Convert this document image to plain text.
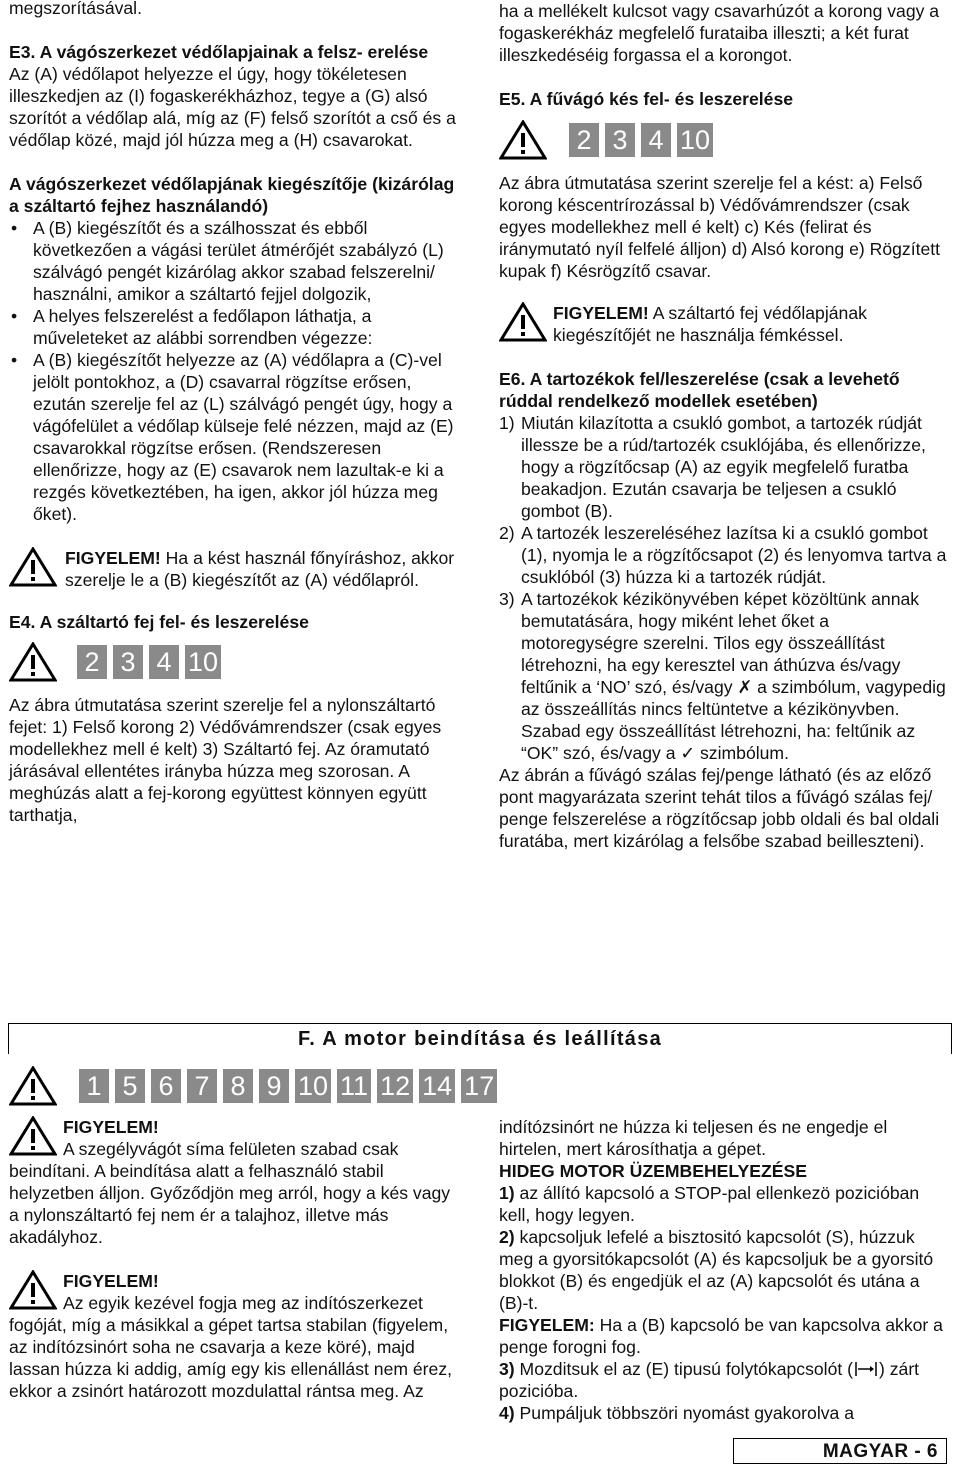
megszorításával.

E3. A vágószerkezet védőlapjainak a felsz- erelése

Az (A) védőlapot helyezze el úgy, hogy tökéletesen illeszkedjen az (I) fogaskerékházhoz, tegye a (G) alsó szorítót a védőlap alá, míg az (F) felső szorítót a cső és a védőlap közé, majd jól húzza meg a (H) csavarokat.

A vágószerkezet védőlapjának kiegészítője (kizárólag a száltartó fejhez használandó)

• A (B) kiegészítőt és a szálhosszat és ebből következően a vágási terület átmérőjét szabályzó (L) szálvágó pengét kizárólag akkor szabad felszerelni/ használni, amikor a száltartó fejjel dolgozik,
• A helyes felszerelést a fedőlapon láthatja, a műveleteket az alábbi sorrendben végezze:
• A (B) kiegészítőt helyezze az (A) védőlapra a (C)-vel jelölt pontokhoz, a (D) csavarral rögzítse erősen, ezután szerelje fel az (L) szálvágó pengét úgy, hogy a vágófelület a védőlap külseje felé nézzen, majd az (E) csavarokkal rögzítse erősen. (Rendszeresen ellenőrizze, hogy az (E) csavarok nem lazultak-e ki a rezgés következtében, ha igen, akkor jól húzza meg őket).

FIGYELEM! Ha a kést használ főnyíráshoz, akkor szerelje le a (B) kiegészítőt az (A) védőlapról.

E4. A száltartó fej fel- és leszerelése

2 3 4 10

Az ábra útmutatása szerint szerelje fel a nylonszáltartó fejet: 1) Felső korong 2) Védővámrendszer (csak egyes modellekhez mell é kelt) 3) Száltartó fej. Az óramutató járásával ellentétes irányba húzza meg szorosan. A meghúzás alatt a fej-korong együttest könnyen együtt tarthatja,

ha a mellékelt kulcsot vagy csavarhúzót a korong vagy a fogaskerékház megfelelő furataiba illeszti; a két furat illeszkedéséig forgassa el a korongot.

E5. A fűvágó kés fel- és leszerelése

2 3 4 10

Az ábra útmutatása szerint szerelje fel a kést: a) Felső korong késcentrírozással b) Védővámrendszer (csak egyes modellekhez mell é kelt) c) Kés (felirat és iránymutató nyíl felfelé álljon) d) Alsó korong e) Rögzített kupak f) Késrögzítő csavar.

FIGYELEM! A száltartó fej védőlapjának kiegészítőjét ne használja fémkéssel.

E6. A tartozékok fel/leszerelése (csak a levehető rúddal rendelkező modellek esetében)

1) Miután kilazította a csukló gombot, a tartozék rúdját illessze be a rúd/tartozék csuklójába, és ellenőrizze, hogy a rögzítőcsap (A) az egyik megfelelő furatba beakadjon. Ezután csavarja be teljesen a csukló gombot (B).
2) A tartozék leszereléséhez lazítsa ki a csukló gombot (1), nyomja le a rögzítőcsapot (2) és lenyomva tartva a csuklóból (3) húzza ki a tartozék rúdját.
3) A tartozékok kézikönyvében képet közöltünk annak bemutatására, hogy miként lehet őket a motoregységre szerelni. Tilos egy összeállítást létrehozni, ha egy keresztel van áthúzva és/vagy feltűnik a ‘NO’ szó, és/vagy ✗ a szimbólum, vagypedig az összeállítás nincs feltüntetve a kézikönyvben. Szabad egy összeállítást létrehozni, ha: feltűnik az “OK” szó, és/vagy a ✓ szimbólum.

Az ábrán a fűvágó szálas fej/penge látható (és az előző pont magyarázata szerint tehát tilos a fűvágó szálas fej/ penge felszerelése a rögzítőcsap jobb oldali és bal oldali furatába, mert kizárólag a felsőbe szabad beilleszteni).

F. A motor beindítása és leállítása
1 5 6 7 8 9 10 11 12 14 17

FIGYELEM!

A szegélyvágót síma felületen szabad csak beindítani. A beindítása alatt a felhasználó stabil helyzetben álljon. Győződjön meg arról, hogy a kés vagy a nylonszáltartó fej nem ér a talajhoz, illetve más akadályhoz.

FIGYELEM!

Az egyik kezével fogja meg az indítószerkezet fogóját, míg a másikkal a gépet tartsa stabilan (figyelem, az indítózsinórt soha ne csavarja a keze köré), majd lassan húzza ki addig, amíg egy kis ellenállást nem érez, ekkor a zsinórt határozott mozdulattal rántsa meg. Az

indítózsinórt ne húzza ki teljesen és ne engedje el hirtelen, mert károsíthatja a gépet.

HIDEG MOTOR ÜZEMBEHELYEZÉSE

1) az állító kapcsoló a STOP-pal ellenkezö pozicióban kell, hogy legyen.

2) kapcsoljuk lefelé a bisztositó kapcsolót (S), húzzuk meg a gyorsitókapcsolót (A) és kapcsoljuk be a gyorsitó blokkot (B) és engedjük el az (A) kapcsolót és utána a (B)-t.

FIGYELEM: Ha a (B) kapcsoló be van kapcsolva akkor a penge forogni fog.

3) Mozditsuk el az (E) tipusú folytókapcsolót ( ) zárt pozicióba.

4) Pumpáljuk többszöri nyomást gyakorolva a

MAGYAR - 6
